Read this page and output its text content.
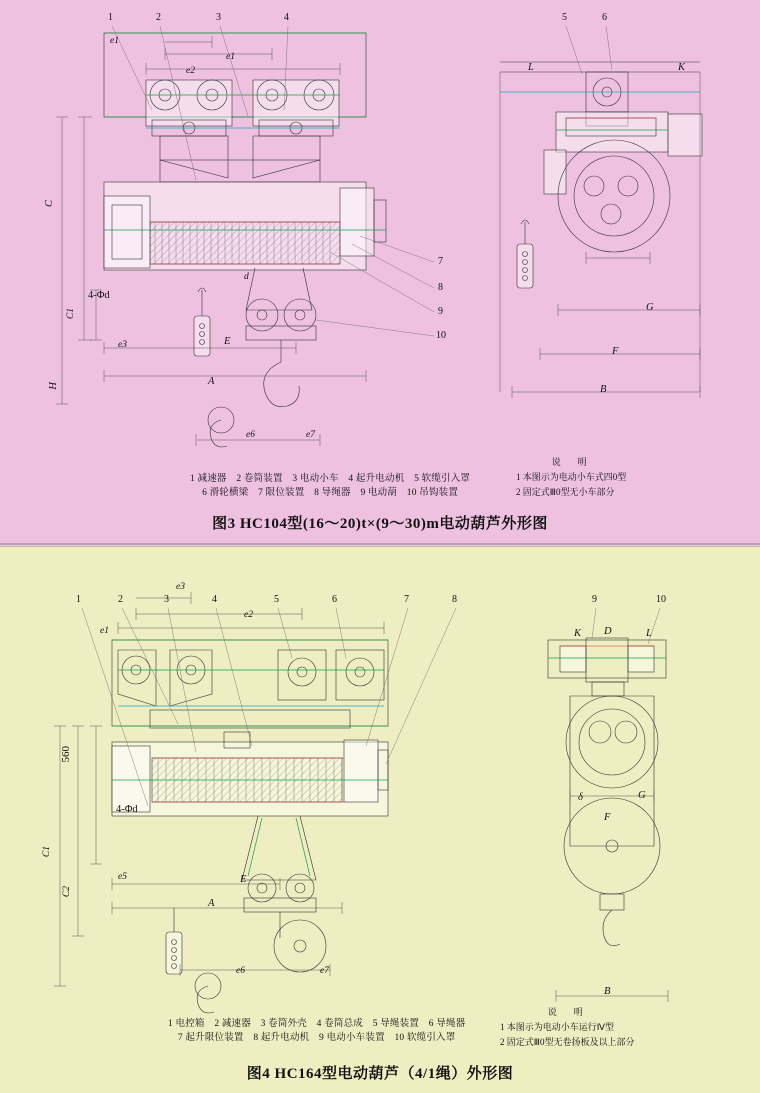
1	2	3	4	5	6
7
8
9
10
e1
e1
e2
e3
e6	e7
A
B
C
C1
E
F
G
H
K
L
d
4-Φd
1 减速器　2 卷筒装置　3 电动小车　4 起升电动机　5 软缆引入罩
6 滑轮横梁　7 限位装置　8 导绳器　9 电动葫　10 吊钩装置
说　明
1 本图示为电动小车式四0型
2 固定式Ⅲ0型无小车部分
图3 HC104型(16～20)t×(9～30)m电动葫芦外形图
1	2	3	4	5	6	7	8	9	10
e1
e2
e3
e5
e6	e7
A
B
C1
C2
E
F
G
K	L
D
560
4-Φd
δ
1 电控箱　2 减速器　3 卷筒外壳　4 卷筒总成　5 导绳装置　6 导绳器
7 起升限位装置　8 起升电动机　9 电动小车装置　10 软缆引入罩
说　明
1 本图示为电动小车运行Ⅳ型
2 固定式Ⅲ0型无卷扬板及以上部分
图4 HC164型电动葫芦（4/1绳）外形图
